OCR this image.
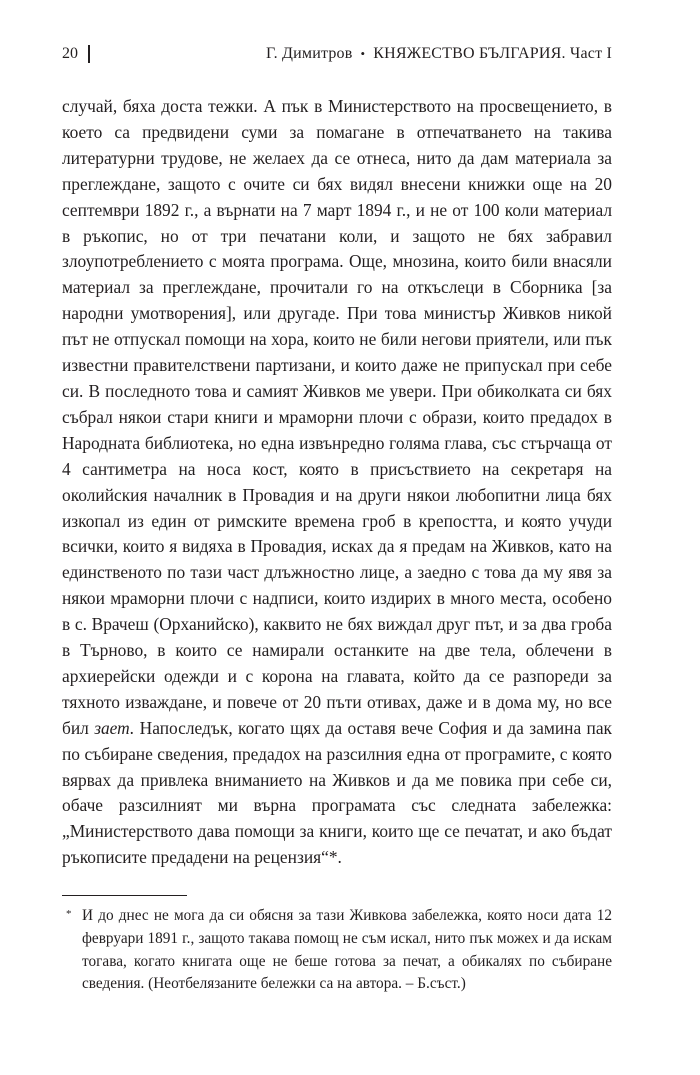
20	Г. Димитров • КНЯЖЕСТВО БЪЛГАРИЯ. Част I

случай, бяха доста тежки. А пък в Министерството на просвещението, в което са предвидени суми за помагане в отпечатването на такива литературни трудове, не желаех да се отнеса, нито да дам материала за преглеждане, защото с очите си бях видял внесени книжки още на 20 септември 1892 г., а върнати на 7 март 1894 г., и не от 100 коли материал в ръкопис, но от три печатани коли, и защото не бях забравил злоупотреблението с моята програма. Още, мнозина, които били внасяли материал за преглеждане, прочитали го на откъслеци в Сборника [за народни умотворения], или другаде. При това министър Живков никой път не отпускал помощи на хора, които не били негови приятели, или пък известни правителствени партизани, и които даже не припускал при себе си. В последното това и самият Живков ме увери. При обиколката си бях събрал някои стари книги и мраморни плочи с образи, които предадох в Народната библиотека, но една извънредно голяма глава, със стърчаща от 4 сантиметра на носа кост, която в присъствието на секретаря на околийския началник в Провадия и на други някои любопитни лица бях изкопал из един от римските времена гроб в крепостта, и която учуди всички, които я видяха в Провадия, исках да я предам на Живков, като на единственото по тази част длъжностно лице, а заедно с това да му явя за някои мраморни плочи с надписи, които издирих в много места, особено в с. Врачеш (Орханийско), каквито не бях виждал друг път, и за два гроба в Търново, в които се намирали останките на две тела, облечени в архиерейски одежди и с корона на главата, който да се разпореди за тяхното изваждане, и повече от 20 пъти отивах, даже и в дома му, но все бил зает. Напоследък, когато щях да оставя вече София и да замина пак по събиране сведения, предадох на разсилния една от програмите, с която вярвах да привлека вниманието на Живков и да ме повика при себе си, обаче разсилният ми върна програмата със следната забележка: „Министерството дава помощи за книги, които ще се печатат, и ако бъдат ръкописите предадени на рецензия“*.

* И до днес не мога да си обясня за тази Живкова забележка, която носи дата 12 февруари 1891 г., защото такава помощ не съм искал, нито пък можех и да искам тогава, когато книгата още не беше готова за печат, а обикалях по събиране сведения. (Неотбелязаните бележки са на автора. – Б.съст.)
